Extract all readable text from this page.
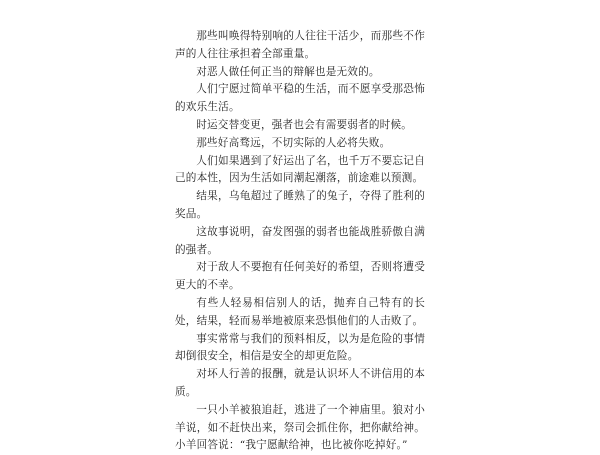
那些叫唤得特别响的人往往干活少，而那些不作声的人往往承担着全部重量。

对恶人做任何正当的辩解也是无效的。

人们宁愿过简单平稳的生活，而不愿享受那恐怖的欢乐生活。

时运交替变更，强者也会有需要弱者的时候。

那些好高骛远，不切实际的人必将失败。

人们如果遇到了好运出了名，也千万不要忘记自己的本性，因为生活如同潮起潮落，前途难以预测。

结果，乌龟超过了睡熟了的兔子，夺得了胜利的奖品。

这故事说明，奋发图强的弱者也能战胜骄傲自满的强者。

对于敌人不要抱有任何美好的希望，否则将遭受更大的不幸。

有些人轻易相信别人的话，抛弃自己特有的长处，结果，轻而易举地被原来恐惧他们的人击败了。

事实常常与我们的预料相反，以为是危险的事情却倒很安全，相信是安全的却更危险。

对坏人行善的报酬，就是认识坏人不讲信用的本质。

一只小羊被狼追赶，逃进了一个神庙里。狼对小羊说，如不赶快出来，祭司会抓住你，把你献给神。小羊回答说：“我宁愿献给神，也比被你吃掉好。”
